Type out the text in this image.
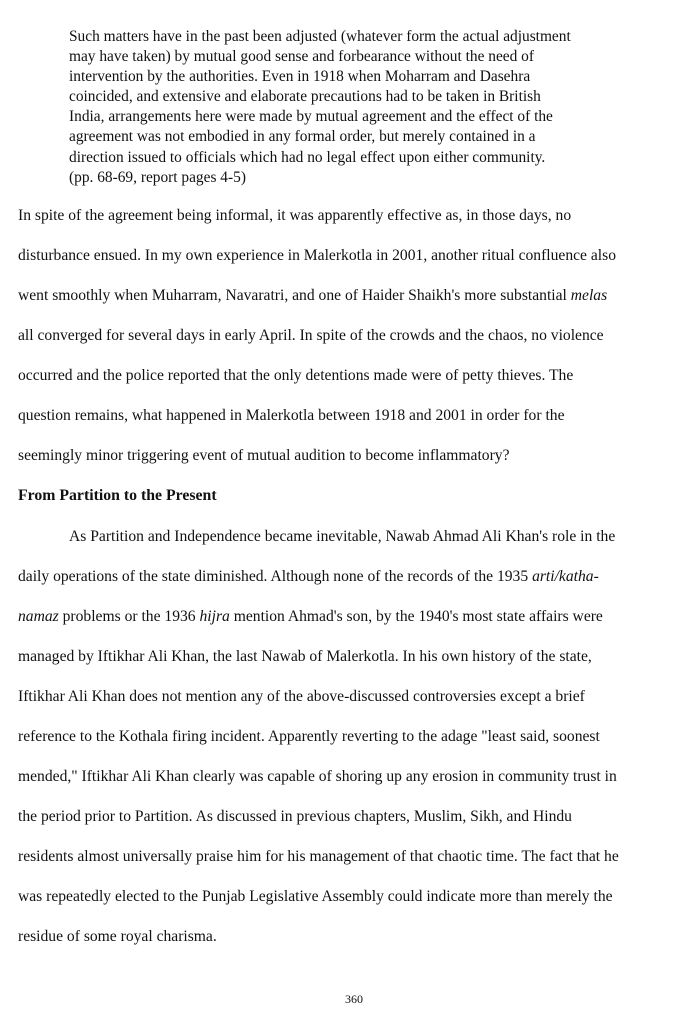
Such matters have in the past been adjusted (whatever form the actual adjustment
may have taken) by mutual good sense and forbearance without the need of
intervention by the authorities. Even in 1918 when Moharram and Dasehra
coincided, and extensive and elaborate precautions had to be taken in British
India, arrangements here were made by mutual agreement and the effect of the
agreement was not embodied in any formal order, but merely contained in a
direction issued to officials which had no legal effect upon either community.
(pp. 68-69, report pages 4-5)
In spite of the agreement being informal, it was apparently effective as, in those days, no
disturbance ensued. In my own experience in Malerkotla in 2001, another ritual confluence also
went smoothly when Muharram, Navaratri, and one of Haider Shaikh's more substantial melas
all converged for several days in early April. In spite of the crowds and the chaos, no violence
occurred and the police reported that the only detentions made were of petty thieves. The
question remains, what happened in Malerkotla between 1918 and 2001 in order for the
seemingly minor triggering event of mutual audition to become inflammatory?
From Partition to the Present
As Partition and Independence became inevitable, Nawab Ahmad Ali Khan's role in the
daily operations of the state diminished. Although none of the records of the 1935 arti/katha-
namaz problems or the 1936 hijra mention Ahmad's son, by the 1940's most state affairs were
managed by Iftikhar Ali Khan, the last Nawab of Malerkotla. In his own history of the state,
Iftikhar Ali Khan does not mention any of the above-discussed controversies except a brief
reference to the Kothala firing incident. Apparently reverting to the adage "least said, soonest
mended," Iftikhar Ali Khan clearly was capable of shoring up any erosion in community trust in
the period prior to Partition. As discussed in previous chapters, Muslim, Sikh, and Hindu
residents almost universally praise him for his management of that chaotic time. The fact that he
was repeatedly elected to the Punjab Legislative Assembly could indicate more than merely the
residue of some royal charisma.
360
